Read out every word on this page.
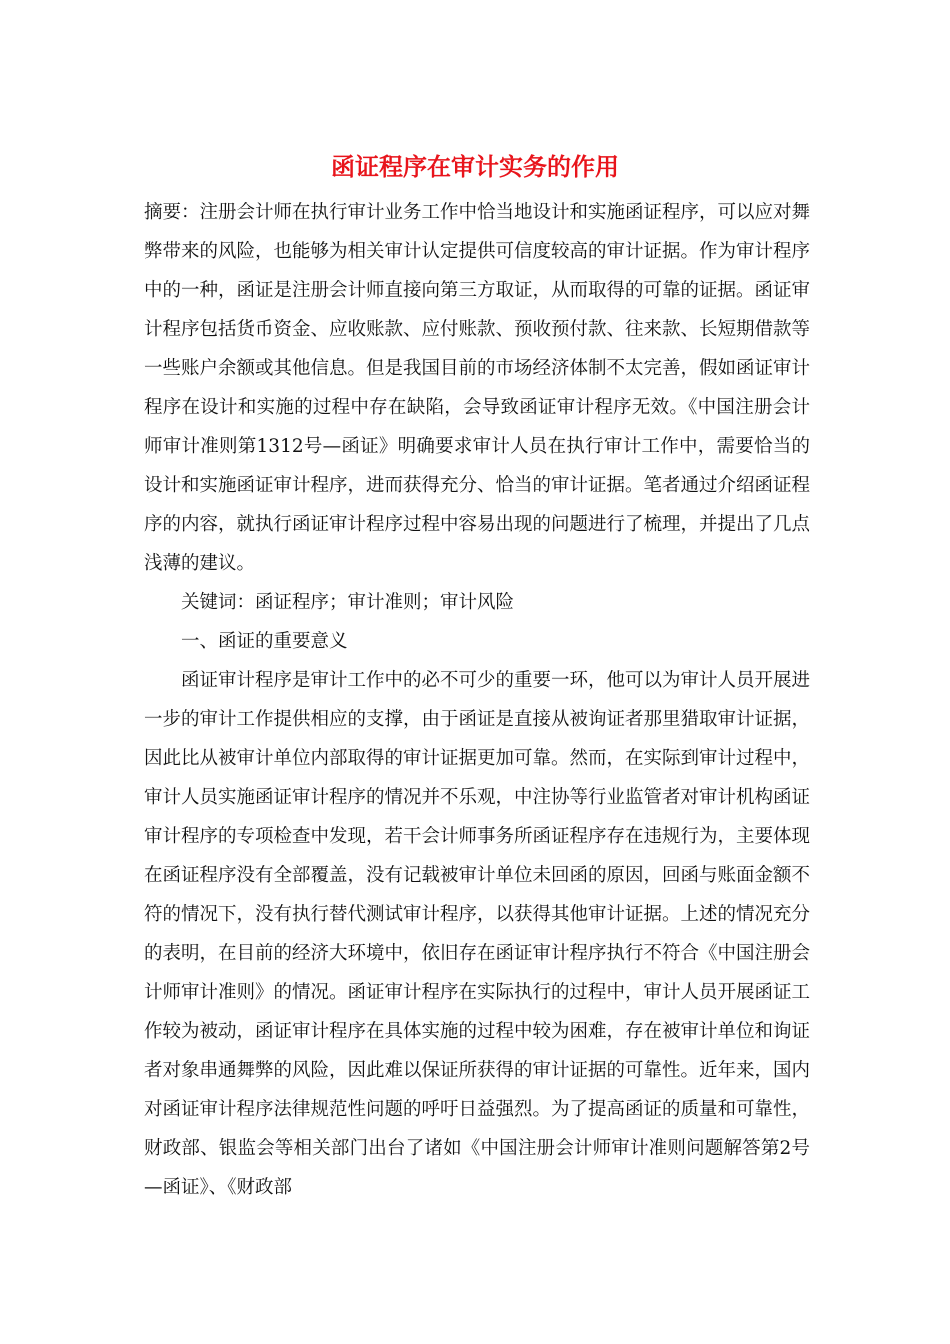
函证程序在审计实务的作用

摘要：注册会计师在执行审计业务工作中恰当地设计和实施函证程序，可以应对舞弊带来的风险，也能够为相关审计认定提供可信度较高的审计证据。作为审计程序中的一种，函证是注册会计师直接向第三方取证，从而取得的可靠的证据。函证审计程序包括货币资金、应收账款、应付账款、预收预付款、往来款、长短期借款等一些账户余额或其他信息。但是我国目前的市场经济体制不太完善，假如函证审计程序在设计和实施的过程中存在缺陷，会导致函证审计程序无效。《中国注册会计师审计准则第1312号—函证》明确要求审计人员在执行审计工作中，需要恰当的设计和实施函证审计程序，进而获得充分、恰当的审计证据。笔者通过介绍函证程序的内容，就执行函证审计程序过程中容易出现的问题进行了梳理，并提出了几点浅薄的建议。

关键词：函证程序；审计准则；审计风险

一、函证的重要意义

函证审计程序是审计工作中的必不可少的重要一环，他可以为审计人员开展进一步的审计工作提供相应的支撑，由于函证是直接从被询证者那里猎取审计证据，因此比从被审计单位内部取得的审计证据更加可靠。然而，在实际到审计过程中，审计人员实施函证审计程序的情况并不乐观，中注协等行业监管者对审计机构函证审计程序的专项检查中发现，若干会计师事务所函证程序存在违规行为，主要体现在函证程序没有全部覆盖，没有记载被审计单位未回函的原因，回函与账面金额不符的情况下，没有执行替代测试审计程序，以获得其他审计证据。上述的情况充分的表明，在目前的经济大环境中，依旧存在函证审计程序执行不符合《中国注册会计师审计准则》的情况。函证审计程序在实际执行的过程中，审计人员开展函证工作较为被动，函证审计程序在具体实施的过程中较为困难，存在被审计单位和询证者对象串通舞弊的风险，因此难以保证所获得的审计证据的可靠性。近年来，国内对函证审计程序法律规范性问题的呼吁日益强烈。为了提高函证的质量和可靠性，财政部、银监会等相关部门出台了诸如《中国注册会计师审计准则问题解答第2号—函证》、《财政部
